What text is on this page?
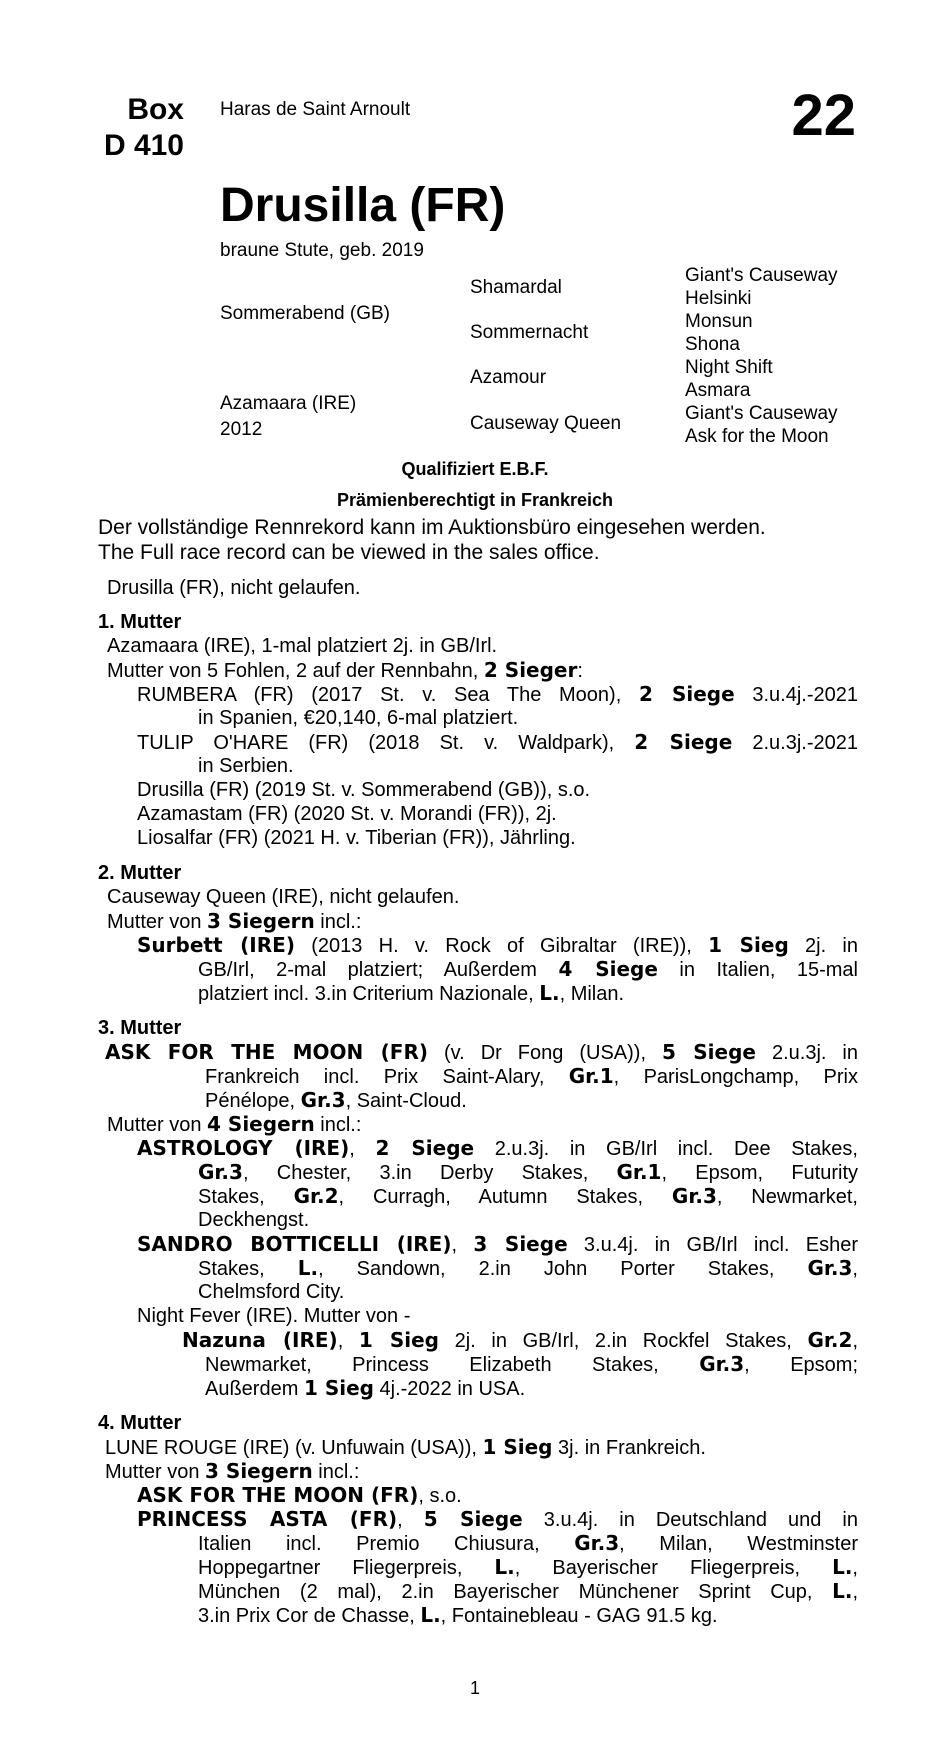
Box
D 410
Haras de Saint Arnoult	22
Drusilla (FR)
braune Stute, geb. 2019
Sommerabend (GB)
Azamaara (IRE)
2012
Shamardal
Sommernacht
Azamour
Causeway Queen
Giant's Causeway
Helsinki
Monsun
Shona
Night Shift
Asmara
Giant's Causeway
Ask for the Moon
Qualifiziert E.B.F.
Prämienberechtigt in Frankreich
Der vollständige Rennrekord kann im Auktionsbüro eingesehen werden.
The Full race record can be viewed in the sales office.
Drusilla (FR), nicht gelaufen.
1. Mutter
Azamaara (IRE), 1-mal platziert 2j. in GB/Irl.
Mutter von 5 Fohlen, 2 auf der Rennbahn, 2 Sieger:
RUMBERA (FR) (2017 St. v. Sea The Moon), 2 Siege 3.u.4j.-2021
in Spanien, €20,140, 6-mal platziert.
TULIP O'HARE (FR) (2018 St. v. Waldpark), 2 Siege 2.u.3j.-2021
in Serbien.
Drusilla (FR) (2019 St. v. Sommerabend (GB)), s.o.
Azamastam (FR) (2020 St. v. Morandi (FR)), 2j.
Liosalfar (FR) (2021 H. v. Tiberian (FR)), Jährling.
2. Mutter
Causeway Queen (IRE), nicht gelaufen.
Mutter von 3 Siegern incl.:
Surbett (IRE) (2013 H. v. Rock of Gibraltar (IRE)), 1 Sieg 2j. in
GB/Irl, 2-mal platziert; Außerdem 4 Siege in Italien, 15-mal
platziert incl. 3.in Criterium Nazionale, L., Milan.
3. Mutter
ASK FOR THE MOON (FR) (v. Dr Fong (USA)), 5 Siege 2.u.3j. in
Frankreich incl. Prix Saint-Alary, Gr.1, ParisLongchamp, Prix
Pénélope, Gr.3, Saint-Cloud.
Mutter von 4 Siegern incl.:
ASTROLOGY (IRE), 2 Siege 2.u.3j. in GB/Irl incl. Dee Stakes,
Gr.3, Chester, 3.in Derby Stakes, Gr.1, Epsom, Futurity
Stakes, Gr.2, Curragh, Autumn Stakes, Gr.3, Newmarket,
Deckhengst.
SANDRO BOTTICELLI (IRE), 3 Siege 3.u.4j. in GB/Irl incl. Esher
Stakes, L., Sandown, 2.in John Porter Stakes, Gr.3,
Chelmsford City.
Night Fever (IRE). Mutter von -
Nazuna (IRE), 1 Sieg 2j. in GB/Irl, 2.in Rockfel Stakes, Gr.2,
Newmarket, Princess Elizabeth Stakes, Gr.3, Epsom;
Außerdem 1 Sieg 4j.-2022 in USA.
4. Mutter
LUNE ROUGE (IRE) (v. Unfuwain (USA)), 1 Sieg 3j. in Frankreich.
Mutter von 3 Siegern incl.:
ASK FOR THE MOON (FR), s.o.
PRINCESS ASTA (FR), 5 Siege 3.u.4j. in Deutschland und in
Italien incl. Premio Chiusura, Gr.3, Milan, Westminster
Hoppegartner Fliegerpreis, L., Bayerischer Fliegerpreis, L.,
München (2 mal), 2.in Bayerischer Münchener Sprint Cup, L.,
3.in Prix Cor de Chasse, L., Fontainebleau - GAG 91.5 kg.
1
